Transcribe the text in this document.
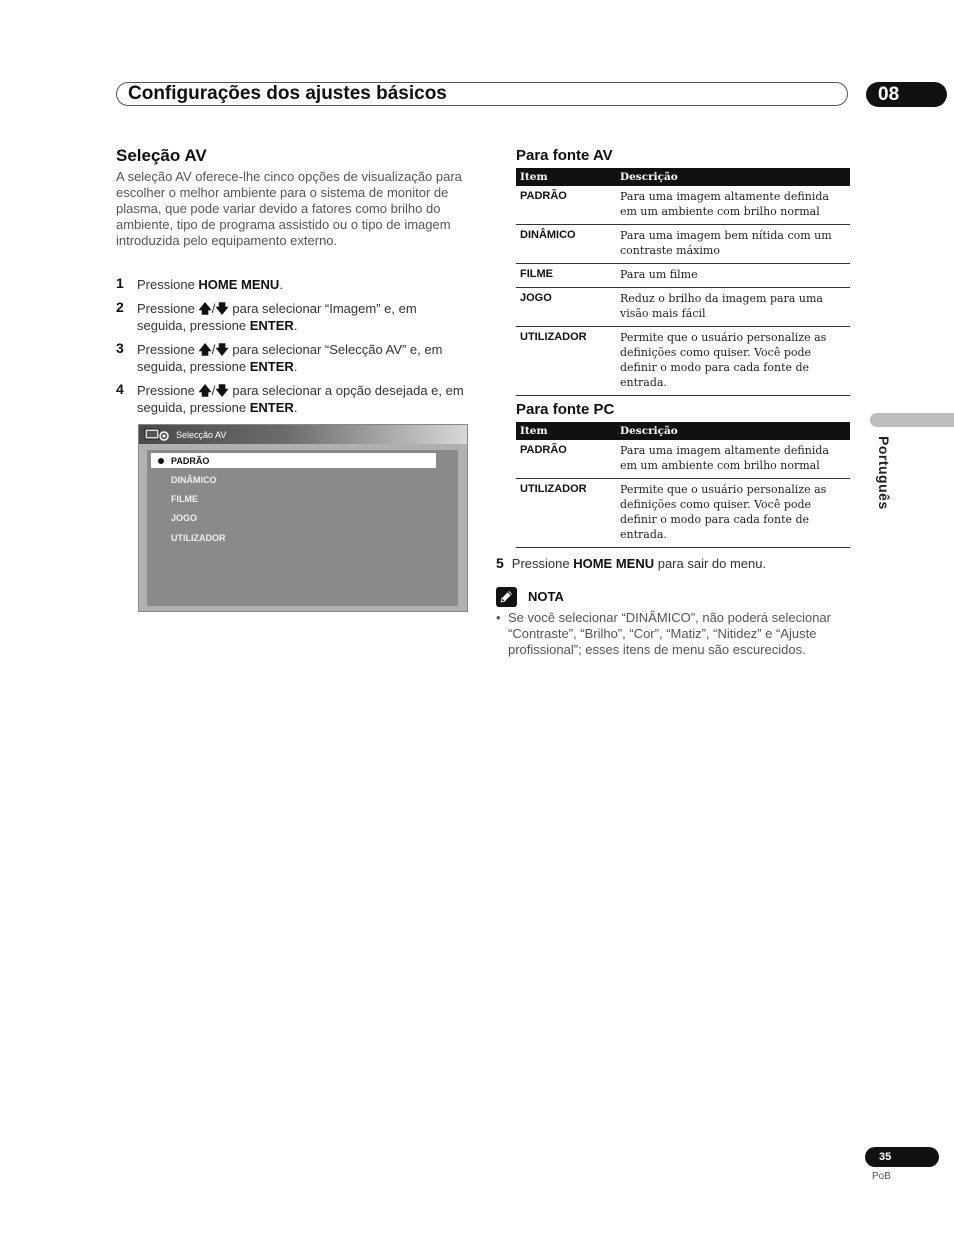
Configurações dos ajustes básicos	08
Seleção AV

A seleção AV oferece-lhe cinco opções de visualização para escolher o melhor ambiente para o sistema de monitor de plasma, que pode variar devido a fatores como brilho do ambiente, tipo de programa assistido ou o tipo de imagem introduzida pelo equipamento externo.

1 Pressione HOME MENU.
2 Pressione 🡅/🡇 para selecionar “Imagem” e, em seguida, pressione ENTER.
3 Pressione 🡅/🡇 para selecionar “Selecção AV” e, em seguida, pressione ENTER.
4 Pressione 🡅/🡇 para selecionar a opção desejada e, em seguida, pressione ENTER.
Selecção AV
PADRÃO
DINÂMICO
FILME
JOGO
UTILIZADOR
Para fonte AV
Item	Descrição
PADRÃO	Para uma imagem altamente definida em um ambiente com brilho normal
DINÂMICO	Para uma imagem bem nítida com um contraste máximo
FILME	Para um filme
JOGO	Reduz o brilho da imagem para uma visão mais fácil
UTILIZADOR	Permite que o usuário personalize as definições como quiser. Você pode definir o modo para cada fonte de entrada.
Para fonte PC
Item	Descrição
PADRÃO	Para uma imagem altamente definida em um ambiente com brilho normal
UTILIZADOR	Permite que o usuário personalize as definições como quiser. Você pode definir o modo para cada fonte de entrada.
Português
5 Pressione HOME MENU para sair do menu.
NOTA
• Se você selecionar “DINÂMICO”, não poderá selecionar “Contraste”, “Brilho”, “Cor”, “Matiz”, “Nitidez” e “Ajuste profissional”; esses itens de menu são escurecidos.
35
PoB
